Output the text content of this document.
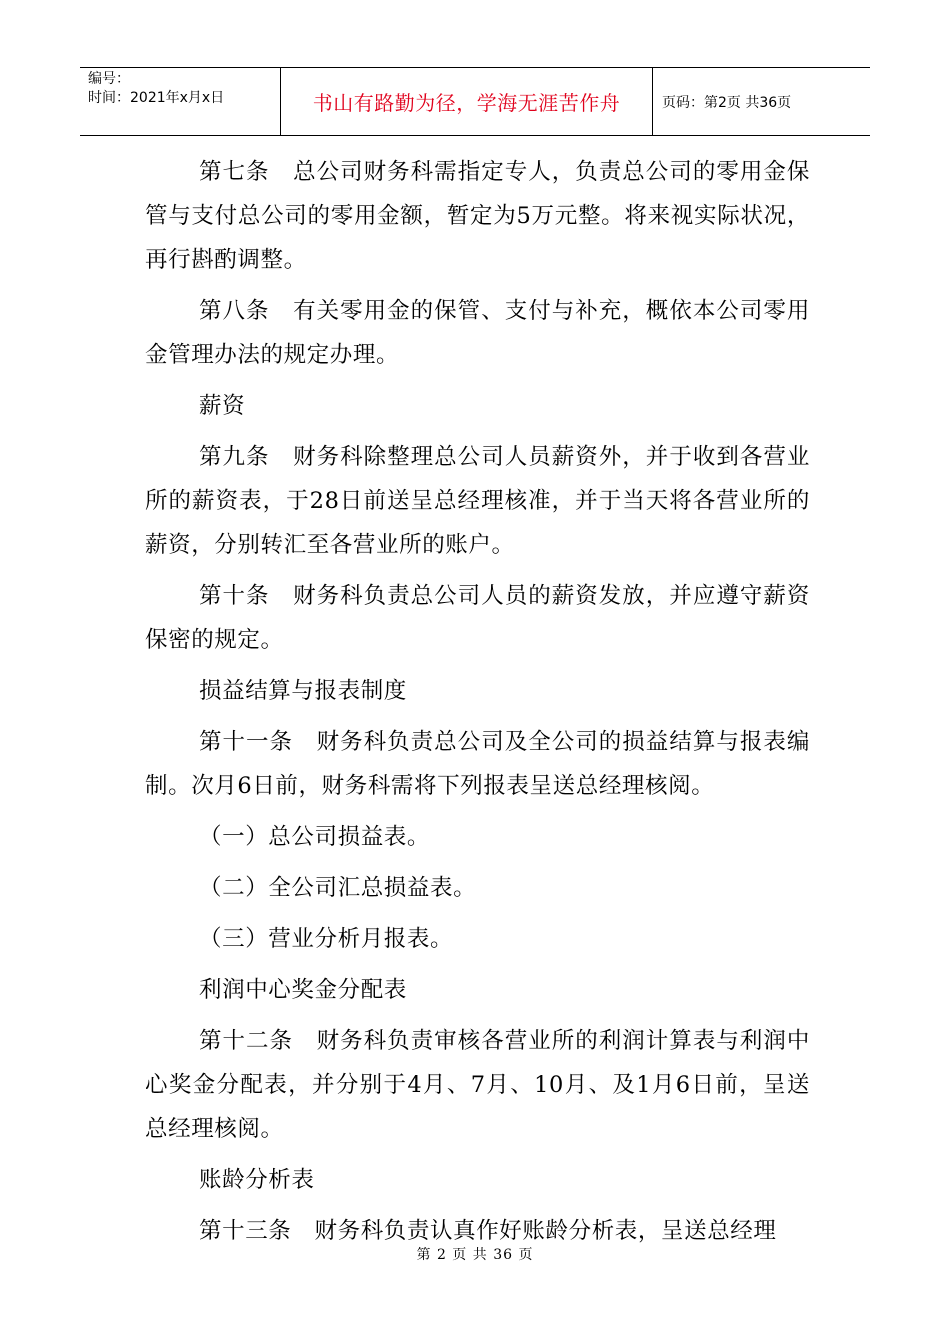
编号：
时间：2021年x月x日	书山有路勤为径，学海无涯苦作舟	页码：第2页 共36页

第七条　总公司财务科需指定专人，负责总公司的零用金保管与支付总公司的零用金额，暂定为5万元整。将来视实际状况，再行斟酌调整。

第八条　有关零用金的保管、支付与补充，概依本公司零用金管理办法的规定办理。

薪资

第九条　财务科除整理总公司人员薪资外，并于收到各营业所的薪资表，于28日前送呈总经理核准，并于当天将各营业所的薪资，分别转汇至各营业所的账户。

第十条　财务科负责总公司人员的薪资发放，并应遵守薪资保密的规定。

损益结算与报表制度

第十一条　财务科负责总公司及全公司的损益结算与报表编制。次月6日前，财务科需将下列报表呈送总经理核阅。

（一）总公司损益表。
（二）全公司汇总损益表。
（三）营业分析月报表。

利润中心奖金分配表

第十二条　财务科负责审核各营业所的利润计算表与利润中心奖金分配表，并分别于4月、7月、10月、及1月6日前，呈送总经理核阅。

账龄分析表

第十三条　财务科负责认真作好账龄分析表，呈送总经理

第 2 页 共 36 页
